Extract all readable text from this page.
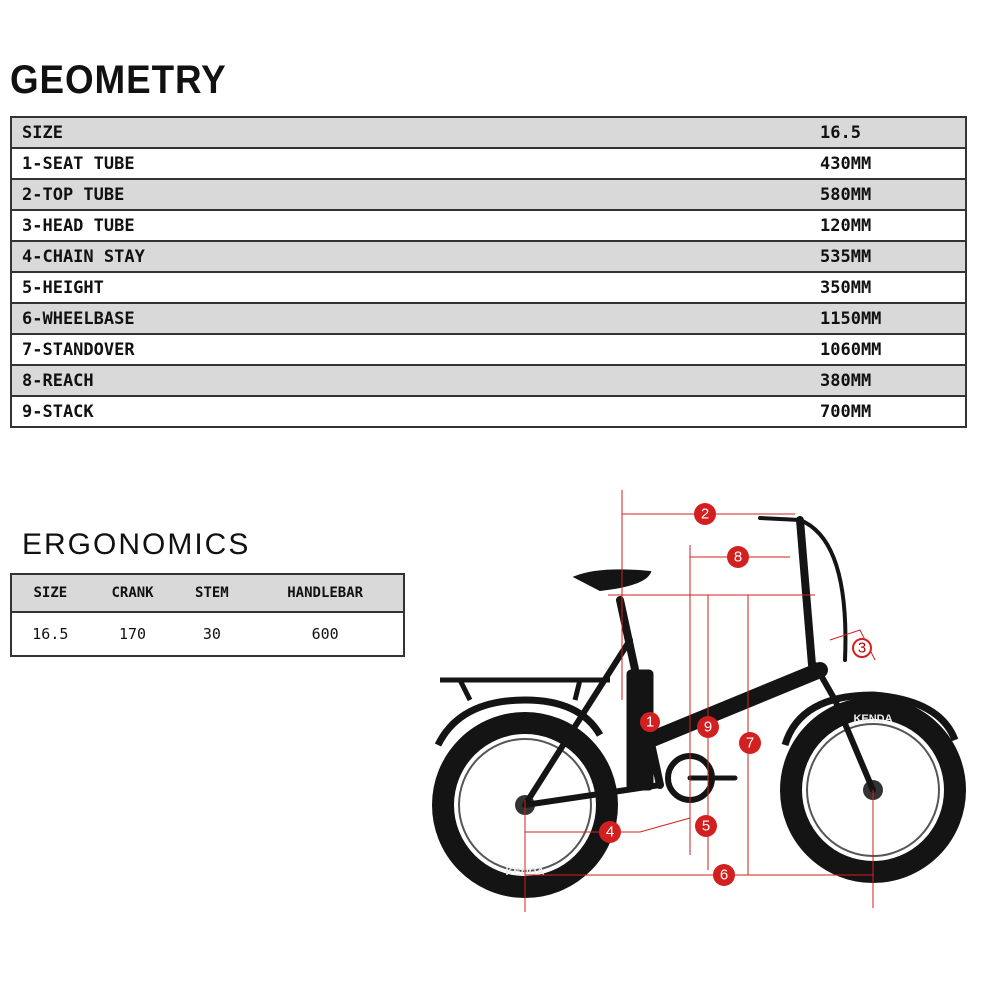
GEOMETRY
SIZE	16.5
1-SEAT TUBE	430MM
2-TOP TUBE	580MM
3-HEAD TUBE	120MM
4-CHAIN STAY	535MM
5-HEIGHT	350MM
6-WHEELBASE	1150MM
7-STANDOVER	1060MM
8-REACH	380MM
9-STACK	700MM
ERGONOMICS
SIZE	CRANK	STEM	HANDLEBAR
16.5	170	30	600
KENDA
KENDA
1
2
3
4	5
6
7
8
9
